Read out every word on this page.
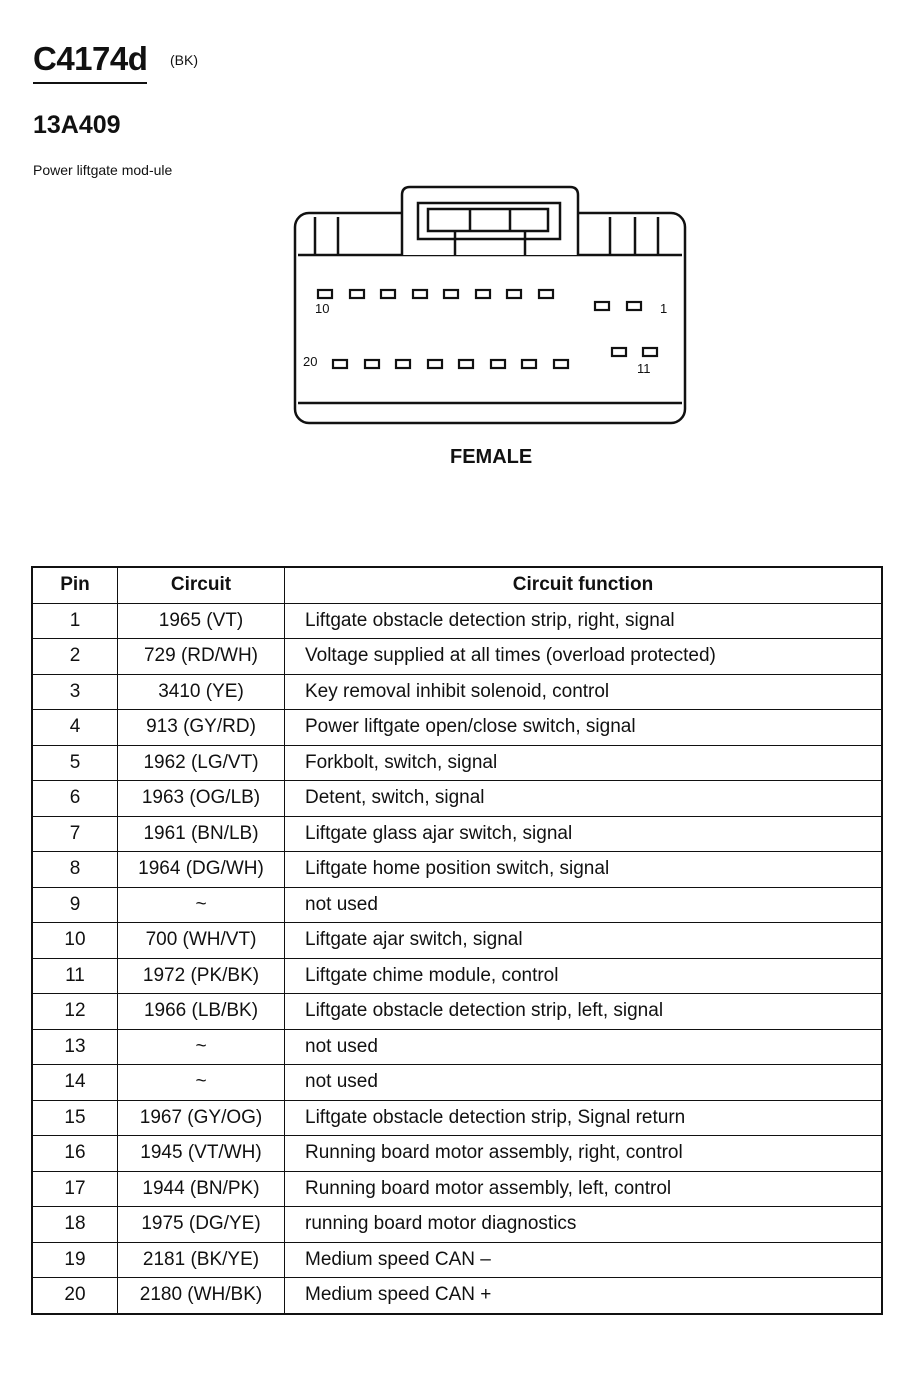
C4174d (BK)
13A409
Power liftgate mod-ule
1
10
11
20
FEMALE
Pin	Circuit	Circuit function
1	1965 (VT)	Liftgate obstacle detection strip, right, signal
2	729 (RD/WH)	Voltage supplied at all times (overload protected)
3	3410 (YE)	Key removal inhibit solenoid, control
4	913 (GY/RD)	Power liftgate open/close switch, signal
5	1962 (LG/VT)	Forkbolt, switch, signal
6	1963 (OG/LB)	Detent, switch, signal
7	1961 (BN/LB)	Liftgate glass ajar switch, signal
8	1964 (DG/WH)	Liftgate home position switch, signal
9	~	not used
10	700 (WH/VT)	Liftgate ajar switch, signal
11	1972 (PK/BK)	Liftgate chime module, control
12	1966 (LB/BK)	Liftgate obstacle detection strip, left, signal
13	~	not used
14	~	not used
15	1967 (GY/OG)	Liftgate obstacle detection strip, Signal return
16	1945 (VT/WH)	Running board motor assembly, right, control
17	1944 (BN/PK)	Running board motor assembly, left, control
18	1975 (DG/YE)	running board motor diagnostics
19	2181 (BK/YE)	Medium speed CAN –
20	2180 (WH/BK)	Medium speed CAN +
